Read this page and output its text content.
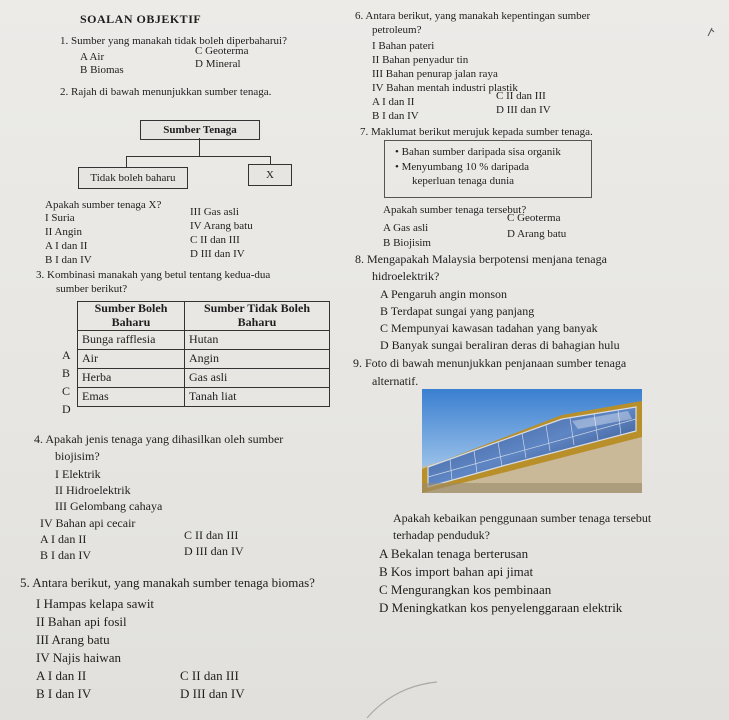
SOALAN OBJEKTIF
1. Sumber yang manakah tidak boleh diperbaharui?
A Air
B Biomas
C Geoterma
D Mineral
2. Rajah di bawah menunjukkan sumber tenaga.
Sumber Tenaga
Tidak boleh baharu	X
Apakah sumber tenaga X?
I Suria
II Angin
III Gas asli
IV Arang batu
A I dan II
B I dan IV
C II dan III
D III dan IV
3. Kombinasi manakah yang betul tentang kedua-dua
sumber berikut?
Sumber Boleh Baharu	Sumber Tidak Boleh Baharu
Bunga rafflesia	Hutan
Air	Angin
Herba	Gas asli
Emas	Tanah liat
A
B
C
D
4. Apakah jenis tenaga yang dihasilkan oleh sumber
biojisim?
I Elektrik
II Hidroelektrik
III Gelombang cahaya
IV Bahan api cecair
A I dan II
B I dan IV
C II dan III
D III dan IV
5. Antara berikut, yang manakah sumber tenaga biomas?
I Hampas kelapa sawit
II Bahan api fosil
III Arang batu
IV Najis haiwan
A I dan II
B I dan IV
C II dan III
D III dan IV
6. Antara berikut, yang manakah kepentingan sumber
petroleum?
I Bahan pateri
II Bahan penyadur tin
III Bahan penurap jalan raya
IV Bahan mentah industri plastik
A I dan II
B I dan IV
C II dan III
D III dan IV
7. Maklumat berikut merujuk kepada sumber tenaga.
• Bahan sumber daripada sisa organik
• Menyumbang 10 % daripada
keperluan tenaga dunia
Apakah sumber tenaga tersebut?
A Gas asli
B Biojisim
C Geoterma
D Arang batu
8. Mengapakah Malaysia berpotensi menjana tenaga
hidroelektrik?
A Pengaruh angin monson
B Terdapat sungai yang panjang
C Mempunyai kawasan tadahan yang banyak
D Banyak sungai beraliran deras di bahagian hulu
9. Foto di bawah menunjukkan penjanaan sumber tenaga
alternatif.
Apakah kebaikan penggunaan sumber tenaga tersebut
terhadap penduduk?
A Bekalan tenaga berterusan
B Kos import bahan api jimat
C Mengurangkan kos pembinaan
D Meningkatkan kos penyelenggaraan elektrik
